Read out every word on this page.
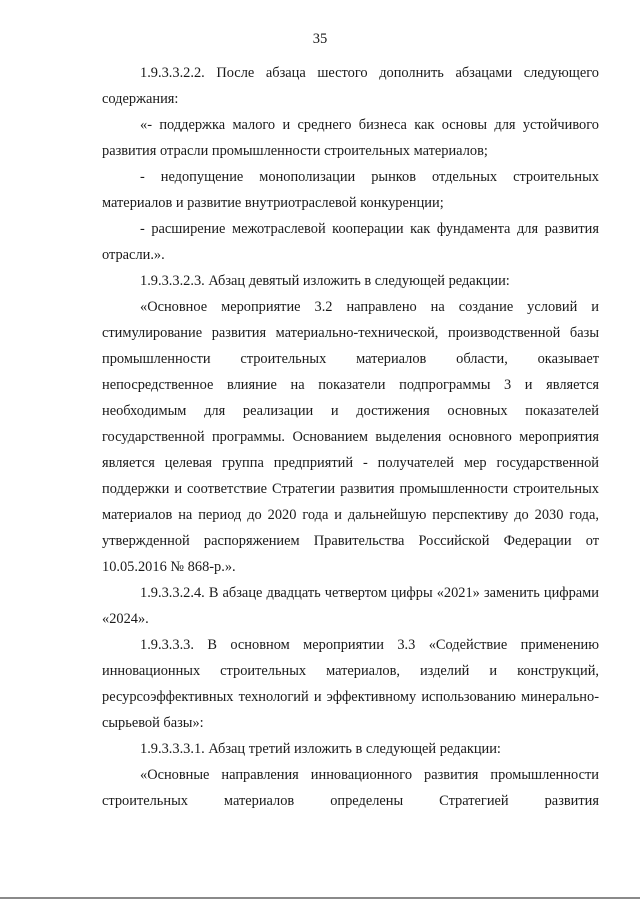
35

1.9.3.3.2.2. После абзаца шестого дополнить абзацами следующего содержания:

«- поддержка малого и среднего бизнеса как основы для устойчивого развития отрасли промышленности строительных материалов;

- недопущение монополизации рынков отдельных строительных материалов и развитие внутриотраслевой конкуренции;

- расширение межотраслевой кооперации как фундамента для развития отрасли.».

1.9.3.3.2.3. Абзац девятый изложить в следующей редакции:

«Основное мероприятие 3.2 направлено на создание условий и стимулирование развития материально-технической, производственной базы промышленности строительных материалов области, оказывает непосредственное влияние на показатели подпрограммы 3 и является необходимым для реализации и достижения основных показателей государственной программы. Основанием выделения основного мероприятия является целевая группа предприятий - получателей мер государственной поддержки и соответствие Стратегии развития промышленности строительных материалов на период до 2020 года и дальнейшую перспективу до 2030 года, утвержденной распоряжением Правительства Российской Федерации от 10.05.2016 № 868-р.».

1.9.3.3.2.4. В абзаце двадцать четвертом цифры «2021» заменить цифрами «2024».

1.9.3.3.3. В основном мероприятии 3.3 «Содействие применению инновационных строительных материалов, изделий и конструкций, ресурсоэффективных технологий и эффективному использованию минерально-сырьевой базы»:

1.9.3.3.3.1. Абзац третий изложить в следующей редакции:

«Основные направления инновационного развития промышленности строительных материалов определены Стратегией развития
